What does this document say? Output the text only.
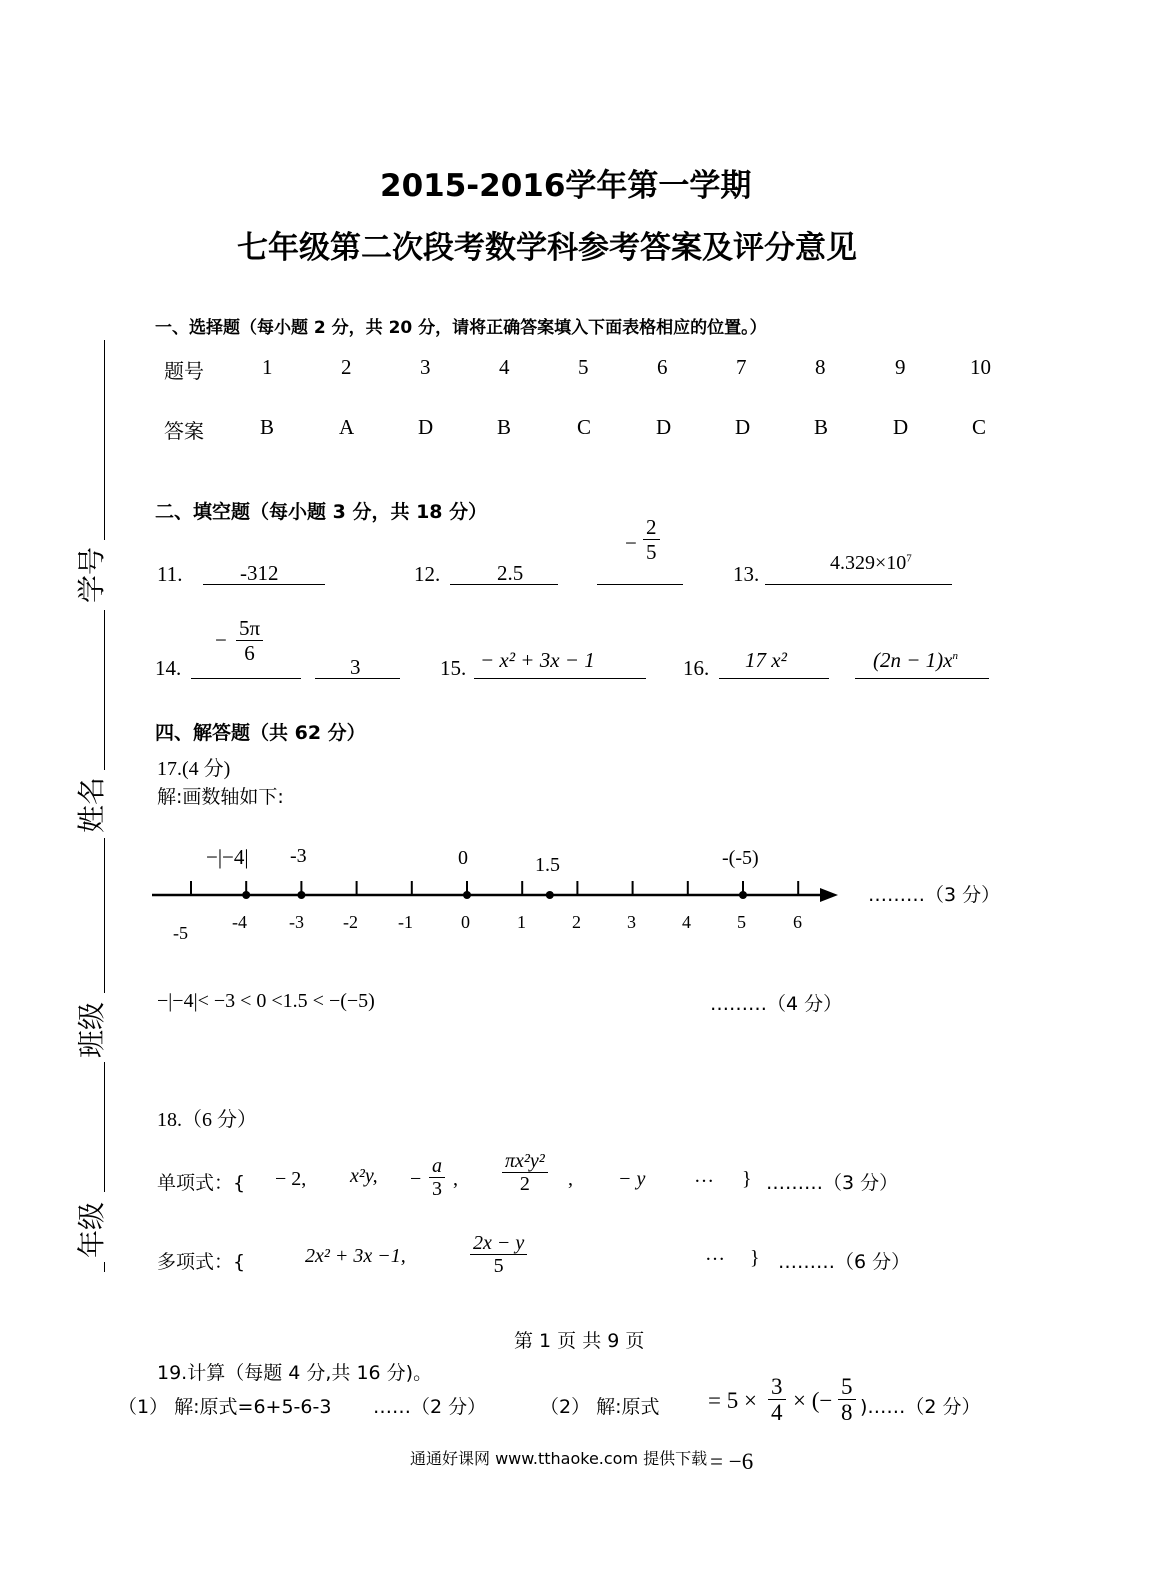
2015-2016学年第一学期
七年级第二次段考数学科参考答案及评分意见
学号
姓名
班级
年级
一、选择题（每小题 2 分，共 20 分，请将正确答案填入下面表格相应的位置。）
题号
答案
1	2	3	4	5	6	7	8	9	10
B	A	D	B	C	D	D	B	D	C
二、填空题（每小题 3 分，共 18 分）
11.	-312	12.	2.5
− $\frac{2}{5}$
13.	$4.329\times 10^7$
14.
− $\frac{5\pi}{6}$
3	15. − x² + 3x − 1	16. 17 x²	$(2n - 1)x^n$
四、解答题（共 62 分）
17.(4 分)
解:画数轴如下:
−|−4| -3	0	1.5	-(-5)
-5
-4 -3 -2 -1	0	1	2	3	4	5	6
………（3 分）
−|−4|< −3 < 0 <1.5 < −(−5)	………（4 分）
18.（6 分）
单项式：{ − 2, x²y, − $\frac{a}{3}$ , $\frac{\text{πx²y²}}{2}$ , − y … } ………（3 分）
多项式：{	2x² + 3x −1,	$\frac{2x - y}{5}$	… } ………（6 分）
第 1 页 共 9 页
19.计算（每题 4 分,共 16 分)。
（1） 解:原式=6+5-6-3 ……（2 分）	（2） 解:原式 = $5 \times \frac{3}{4}$ × (− $\frac{5}{8}$ )……（2 分）
通通好课网 www.tthaoke.com 提供下载 = −6
